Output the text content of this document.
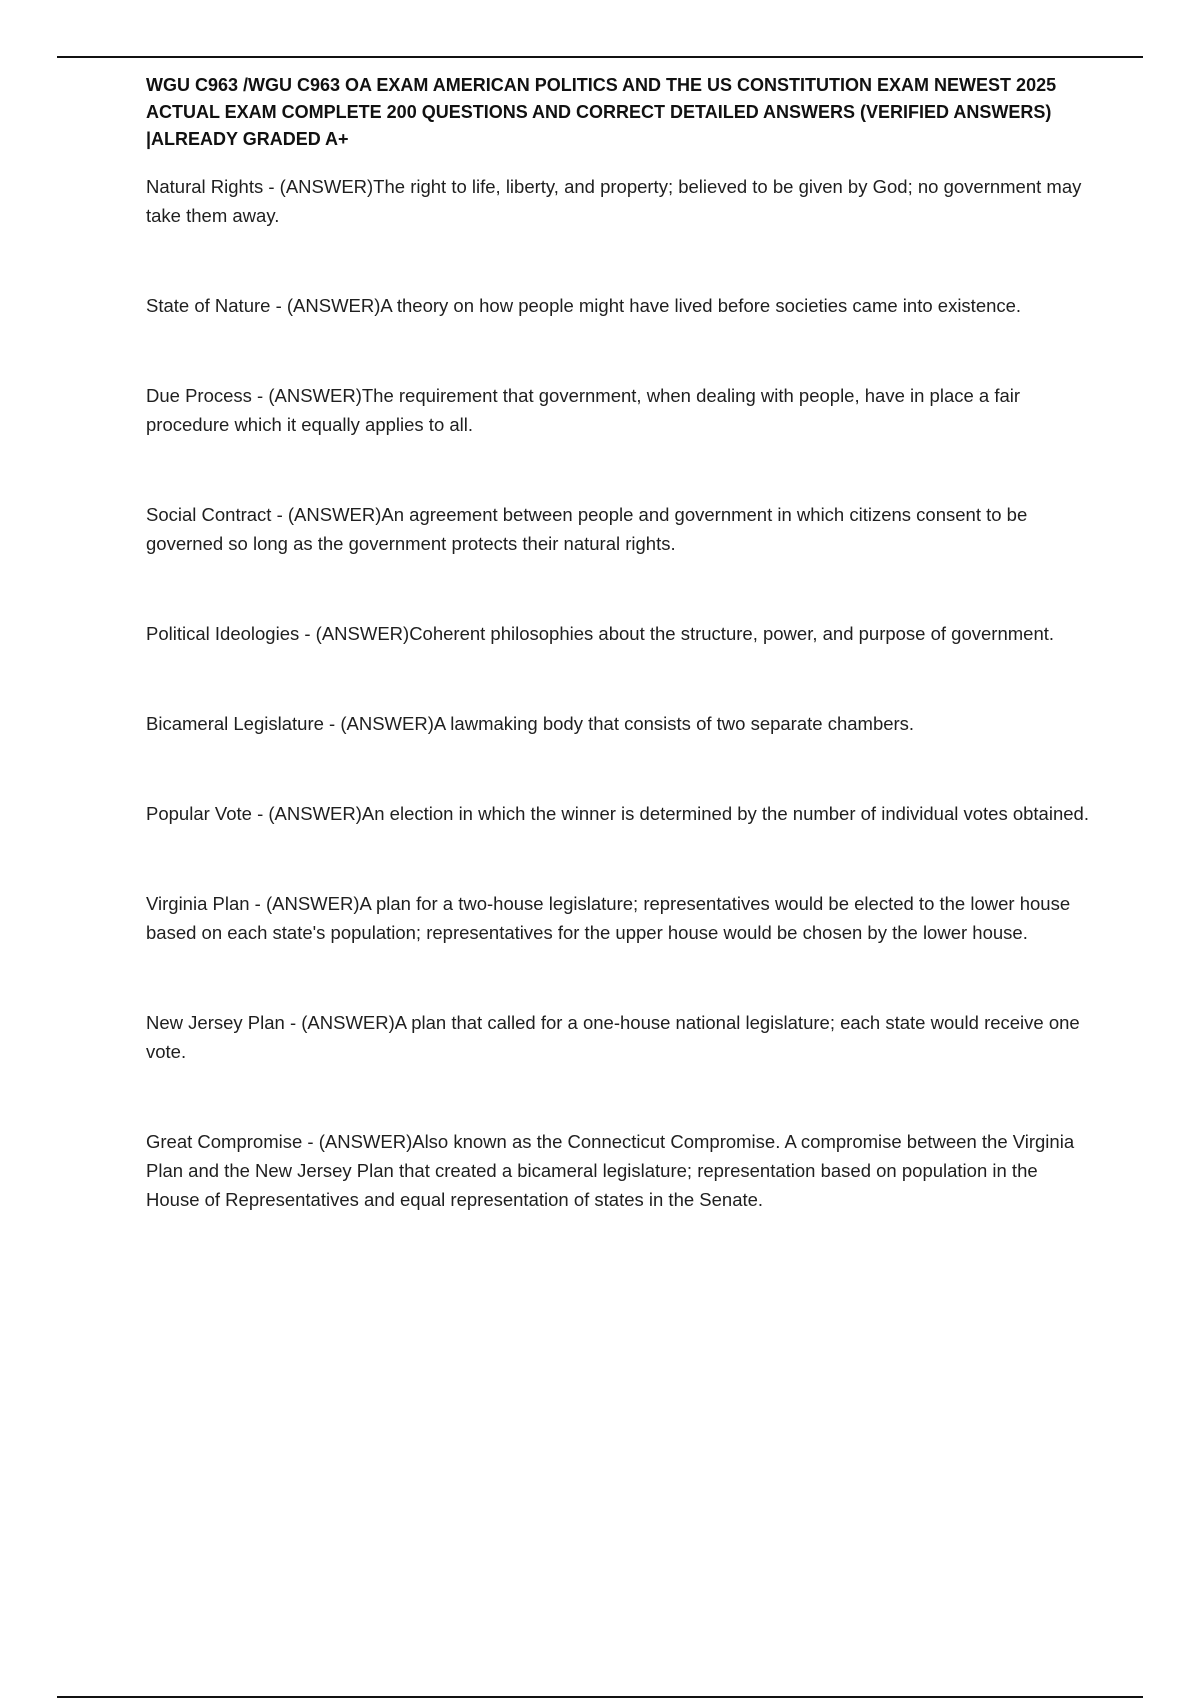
WGU C963 /WGU C963 OA EXAM AMERICAN POLITICS AND THE US CONSTITUTION EXAM NEWEST 2025 ACTUAL EXAM COMPLETE 200 QUESTIONS AND CORRECT DETAILED ANSWERS (VERIFIED ANSWERS) |ALREADY GRADED A+
Natural Rights - (ANSWER)The right to life, liberty, and property; believed to be given by God; no government may take them away.
State of Nature - (ANSWER)A theory on how people might have lived before societies came into existence.
Due Process - (ANSWER)The requirement that government, when dealing with people, have in place a fair procedure which it equally applies to all.
Social Contract - (ANSWER)An agreement between people and government in which citizens consent to be governed so long as the government protects their natural rights.
Political Ideologies - (ANSWER)Coherent philosophies about the structure, power, and purpose of government.
Bicameral Legislature - (ANSWER)A lawmaking body that consists of two separate chambers.
Popular Vote - (ANSWER)An election in which the winner is determined by the number of individual votes obtained.
Virginia Plan - (ANSWER)A plan for a two-house legislature; representatives would be elected to the lower house based on each state's population; representatives for the upper house would be chosen by the lower house.
New Jersey Plan - (ANSWER)A plan that called for a one-house national legislature; each state would receive one vote.
Great Compromise - (ANSWER)Also known as the Connecticut Compromise. A compromise between the Virginia Plan and the New Jersey Plan that created a bicameral legislature; representation based on population in the House of Representatives and equal representation of states in the Senate.
